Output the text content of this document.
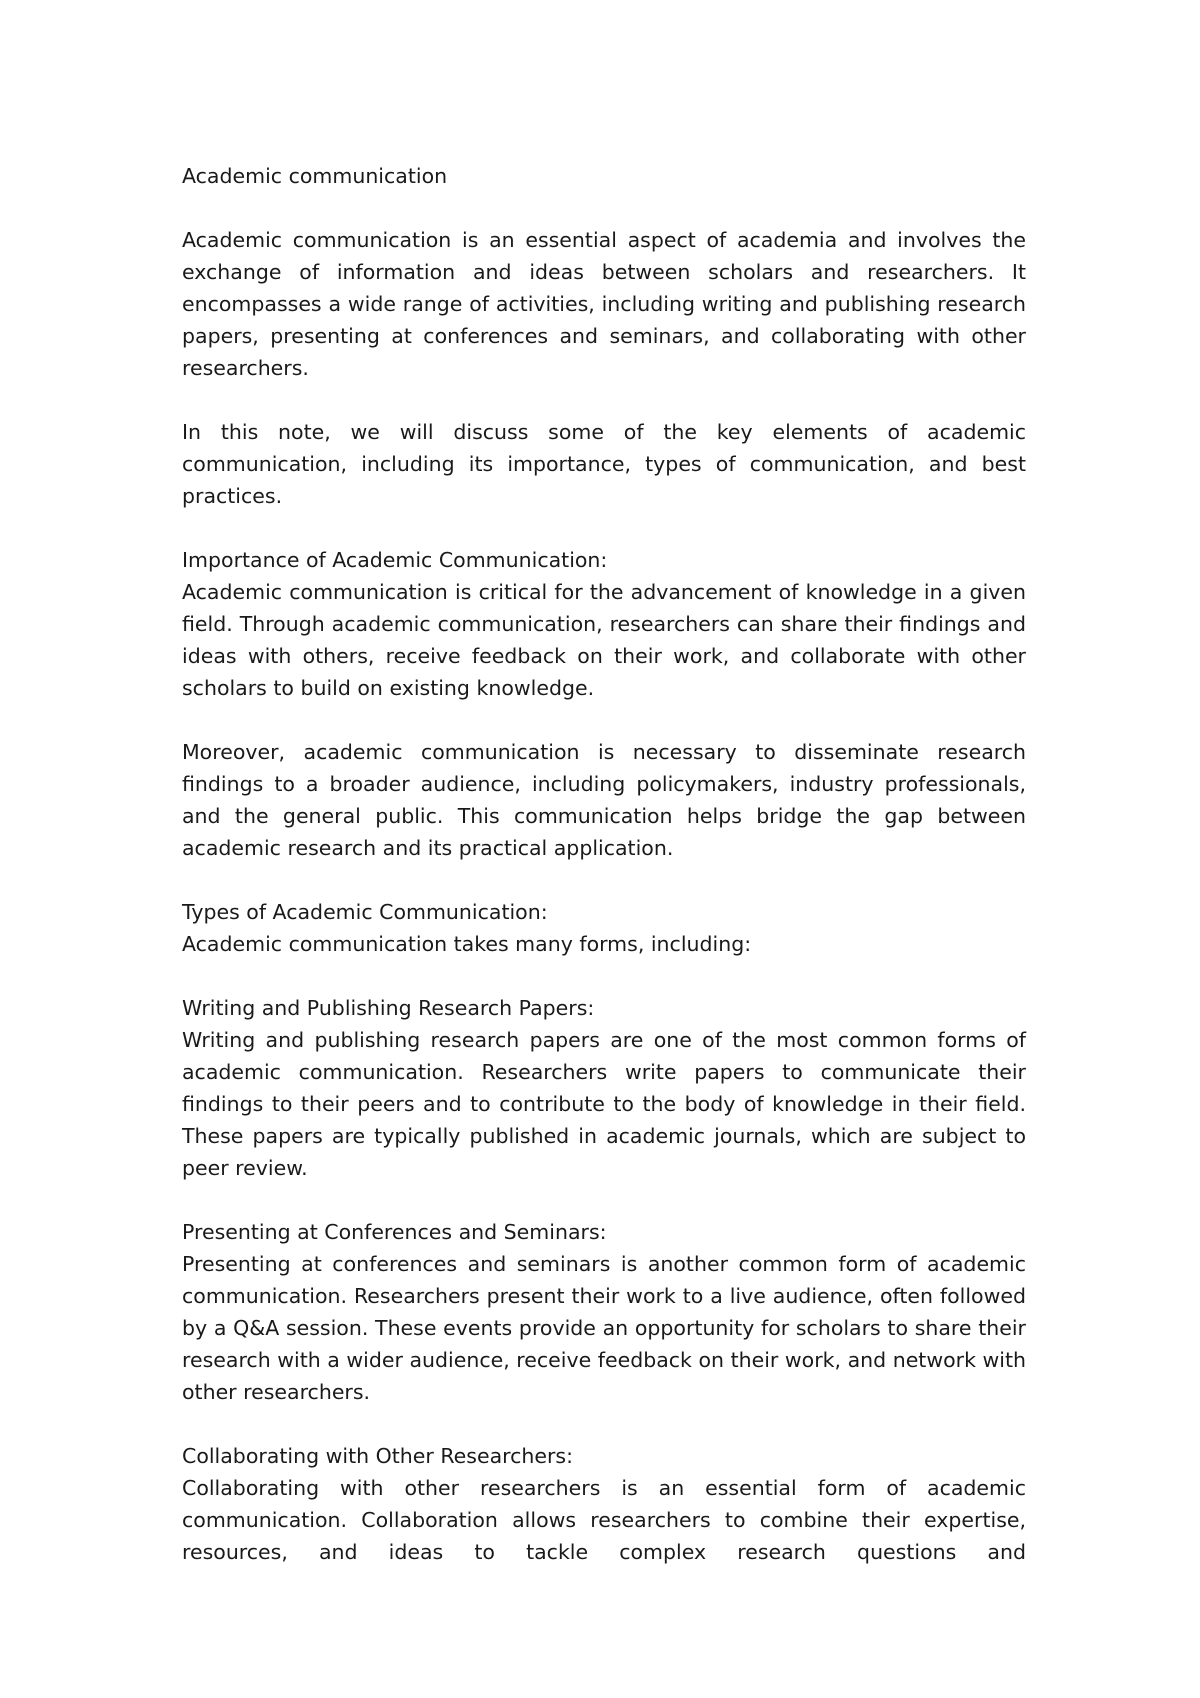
Academic communication

Academic communication is an essential aspect of academia and involves the exchange of information and ideas between scholars and researchers. It encompasses a wide range of activities, including writing and publishing research papers, presenting at conferences and seminars, and collaborating with other researchers.

In this note, we will discuss some of the key elements of academic communication, including its importance, types of communication, and best practices.

Importance of Academic Communication:
Academic communication is critical for the advancement of knowledge in a given field. Through academic communication, researchers can share their findings and ideas with others, receive feedback on their work, and collaborate with other scholars to build on existing knowledge.

Moreover, academic communication is necessary to disseminate research findings to a broader audience, including policymakers, industry professionals, and the general public. This communication helps bridge the gap between academic research and its practical application.

Types of Academic Communication:
Academic communication takes many forms, including:

Writing and Publishing Research Papers:
Writing and publishing research papers are one of the most common forms of academic communication. Researchers write papers to communicate their findings to their peers and to contribute to the body of knowledge in their field. These papers are typically published in academic journals, which are subject to peer review.

Presenting at Conferences and Seminars:
Presenting at conferences and seminars is another common form of academic communication. Researchers present their work to a live audience, often followed by a Q&A session. These events provide an opportunity for scholars to share their research with a wider audience, receive feedback on their work, and network with other researchers.

Collaborating with Other Researchers:
Collaborating with other researchers is an essential form of academic communication. Collaboration allows researchers to combine their expertise, resources, and ideas to tackle complex research questions and
